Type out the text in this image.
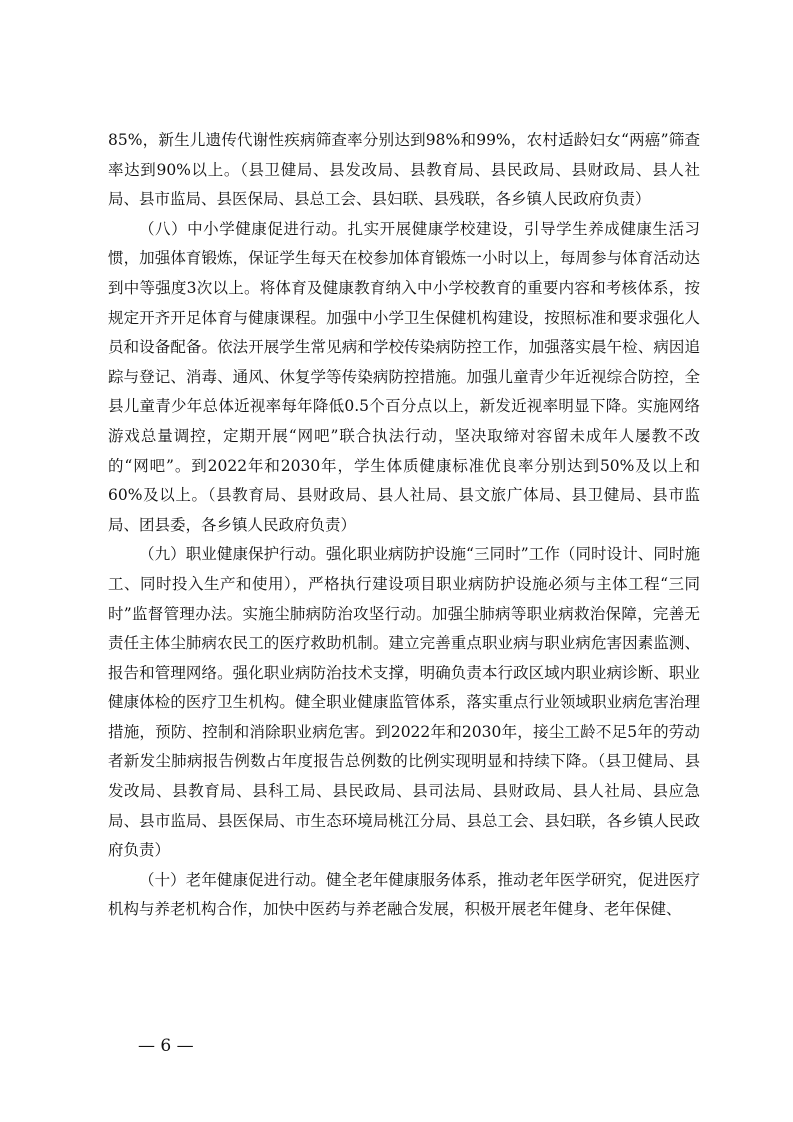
85%，新生儿遗传代谢性疾病筛查率分别达到98%和99%，农村适龄妇女“两癌”筛查率达到90%以上。（县卫健局、县发改局、县教育局、县民政局、县财政局、县人社局、县市监局、县医保局、县总工会、县妇联、县残联，各乡镇人民政府负责）

（八）中小学健康促进行动。扎实开展健康学校建设，引导学生养成健康生活习惯，加强体育锻炼，保证学生每天在校参加体育锻炼一小时以上，每周参与体育活动达到中等强度3次以上。将体育及健康教育纳入中小学校教育的重要内容和考核体系，按规定开齐开足体育与健康课程。加强中小学卫生保健机构建设，按照标准和要求强化人员和设备配备。依法开展学生常见病和学校传染病防控工作，加强落实晨午检、病因追踪与登记、消毒、通风、休复学等传染病防控措施。加强儿童青少年近视综合防控，全县儿童青少年总体近视率每年降低0.5个百分点以上，新发近视率明显下降。实施网络游戏总量调控，定期开展“网吧”联合执法行动，坚决取缔对容留未成年人屡教不改的“网吧”。到2022年和2030年，学生体质健康标准优良率分别达到50%及以上和60%及以上。（县教育局、县财政局、县人社局、县文旅广体局、县卫健局、县市监局、团县委，各乡镇人民政府负责）

（九）职业健康保护行动。强化职业病防护设施“三同时”工作（同时设计、同时施工、同时投入生产和使用），严格执行建设项目职业病防护设施必须与主体工程“三同时”监督管理办法。实施尘肺病防治攻坚行动。加强尘肺病等职业病救治保障，完善无责任主体尘肺病农民工的医疗救助机制。建立完善重点职业病与职业病危害因素监测、报告和管理网络。强化职业病防治技术支撑，明确负责本行政区域内职业病诊断、职业健康体检的医疗卫生机构。健全职业健康监管体系，落实重点行业领域职业病危害治理措施，预防、控制和消除职业病危害。到2022年和2030年，接尘工龄不足5年的劳动者新发尘肺病报告例数占年度报告总例数的比例实现明显和持续下降。（县卫健局、县发改局、县教育局、县科工局、县民政局、县司法局、县财政局、县人社局、县应急局、县市监局、县医保局、市生态环境局桃江分局、县总工会、县妇联，各乡镇人民政府负责）

（十）老年健康促进行动。健全老年健康服务体系，推动老年医学研究，促进医疗机构与养老机构合作，加快中医药与养老融合发展，积极开展老年健身、老年保健、

— 6 —
